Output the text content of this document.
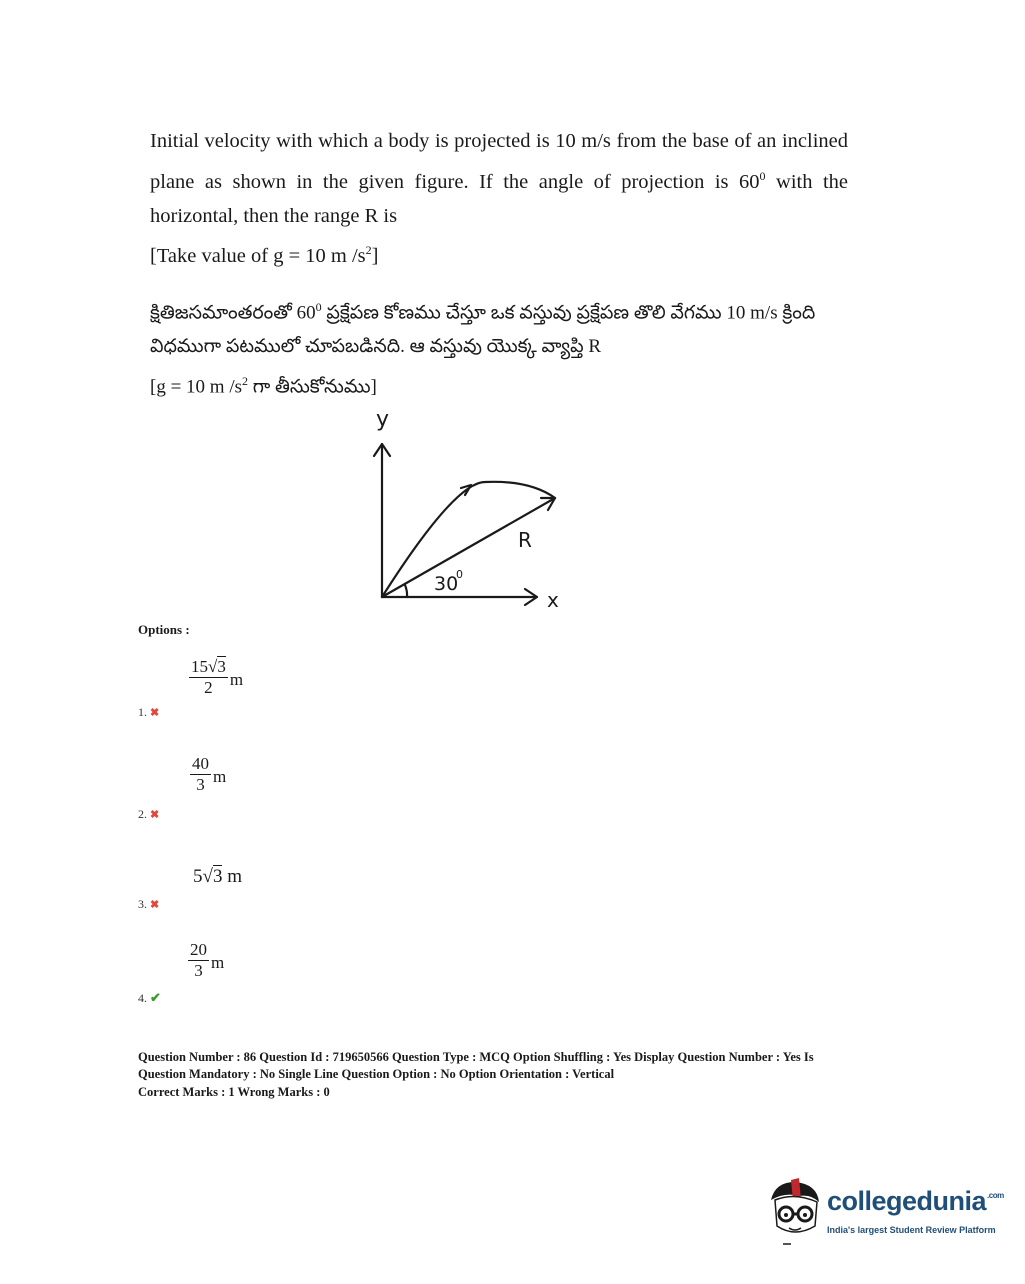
Initial velocity with which a body is projected is 10 m/s from the base of an inclined
plane as shown in the given figure. If the angle of projection is $60^0$ with the
horizontal, then the range R is
[Take value of g = 10 m $/s^2$]
క్షితిజసమాంతరంతో $60^0$ ప్రక్షేపణ కోణము చేస్తూ ఒక వస్తువు ప్రక్షేపణ తొలి వేగము 10 m/s క్రింది
విధముగా పటములో చూపబడినది. ఆ వస్తువు యొక్క వ్యాప్తి R
[g = 10 m $/s^2$ గా తీసుకోనుము]
y
x
R
30
0
Options :
$\frac{15√3}{2}$ m
1. ✖
$\frac{40}{3}$ m
2. ✖
5√3 m
3. ✖
$\frac{20}{3}$ m
4. ✔
Question Number : 86 Question Id : 719650566 Question Type : MCQ Option Shuffling : Yes Display Question Number : Yes Is
Question Mandatory : No Single Line Question Option : No Option Orientation : Vertical
Correct Marks : 1 Wrong Marks : 0
collegedunia$^{.com}$
India's largest Student Review Platform
